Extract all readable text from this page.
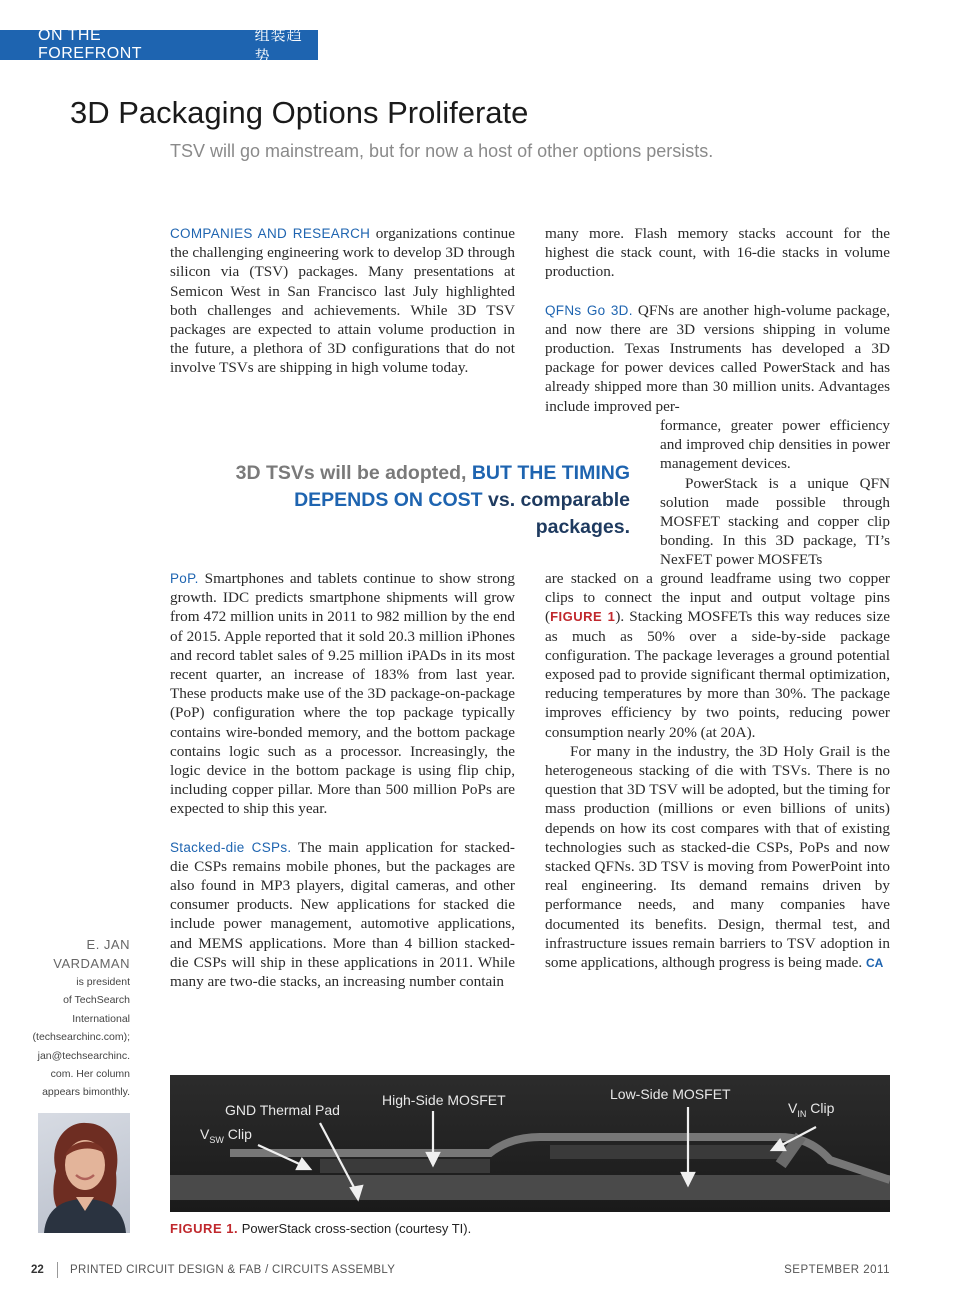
ON THE FOREFRONT
组装趋势
3D Packaging Options Proliferate
TSV will go mainstream, but for now a host of other options persists.

COMPANIES AND RESEARCH organizations continue the challenging engineering work to develop 3D through silicon via (TSV) packages. Many presentations at Semicon West in San Francisco last July highlighted both challenges and achievements. While 3D TSV packages are expected to attain volume production in the future, a plethora of 3D configurations that do not involve TSVs are shipping in high volume today.

3D TSVs will be adopted, BUT THE TIMING DEPENDS ON COST vs. comparable packages.

PoP. Smartphones and tablets continue to show strong growth. IDC predicts smartphone shipments will grow from 472 million units in 2011 to 982 million by the end of 2015. Apple reported that it sold 20.3 million iPhones and record tablet sales of 9.25 million iPADs in its most recent quarter, an increase of 183% from last year. These products make use of the 3D package-on-package (PoP) configuration where the top package typically contains wire-bonded memory, and the bottom package contains logic such as a processor. Increasingly, the logic device in the bottom package is using flip chip, including copper pillar. More than 500 million PoPs are expected to ship this year.

Stacked-die CSPs. The main application for stacked-die CSPs remains mobile phones, but the packages are also found in MP3 players, digital cameras, and other consumer products. New applications for stacked die include power management, automotive applications, and MEMS applications. More than 4 billion stacked-die CSPs will ship in these applications in 2011. While many are two-die stacks, an increasing number contain

many more. Flash memory stacks account for the highest die stack count, with 16-die stacks in volume production.

QFNs Go 3D. QFNs are another high-volume package, and now there are 3D versions shipping in volume production. Texas Instruments has developed a 3D package for power devices called PowerStack and has already shipped more than 30 million units. Advantages include improved per-

formance, greater power efficiency and improved chip densities in power management devices.

PowerStack is a unique QFN solution made possible through MOSFET stacking and copper clip bonding. In this 3D package, TI’s NexFET power MOSFETs

are stacked on a ground leadframe using two copper clips to connect the input and output voltage pins (FIGURE 1). Stacking MOSFETs this way reduces size as much as 50% over a side-by-side package configuration. The package leverages a ground potential exposed pad to provide significant thermal optimization, reducing temperatures by more than 30%. The package improves efficiency by two points, reducing power consumption nearly 20% (at 20A).

For many in the industry, the 3D Holy Grail is the heterogeneous stacking of die with TSVs. There is no question that 3D TSV will be adopted, but the timing for mass production (millions or even billions of units) depends on how its cost compares with that of existing technologies such as stacked-die CSPs, PoPs and now stacked QFNs. 3D TSV is moving from PowerPoint into real engineering. Its demand remains driven by performance needs, and many companies have documented its benefits. Design, thermal test, and infrastructure issues remain barriers to TSV adoption in some applications, although progress is being made. CA

E. JAN
VARDAMAN
is president
of TechSearch
International
(techsearchinc.com);
jan@techsearchinc.
com. Her column
appears bimonthly.
GND Thermal Pad
$V_{SW}$ Clip
High-Side MOSFET	Low-Side MOSFET
$V_{IN}$ Clip
FIGURE 1. PowerStack cross-section (courtesy TI).
22 PRINTED CIRCUIT DESIGN & FAB / CIRCUITS ASSEMBLY	SEPTEMBER 2011
